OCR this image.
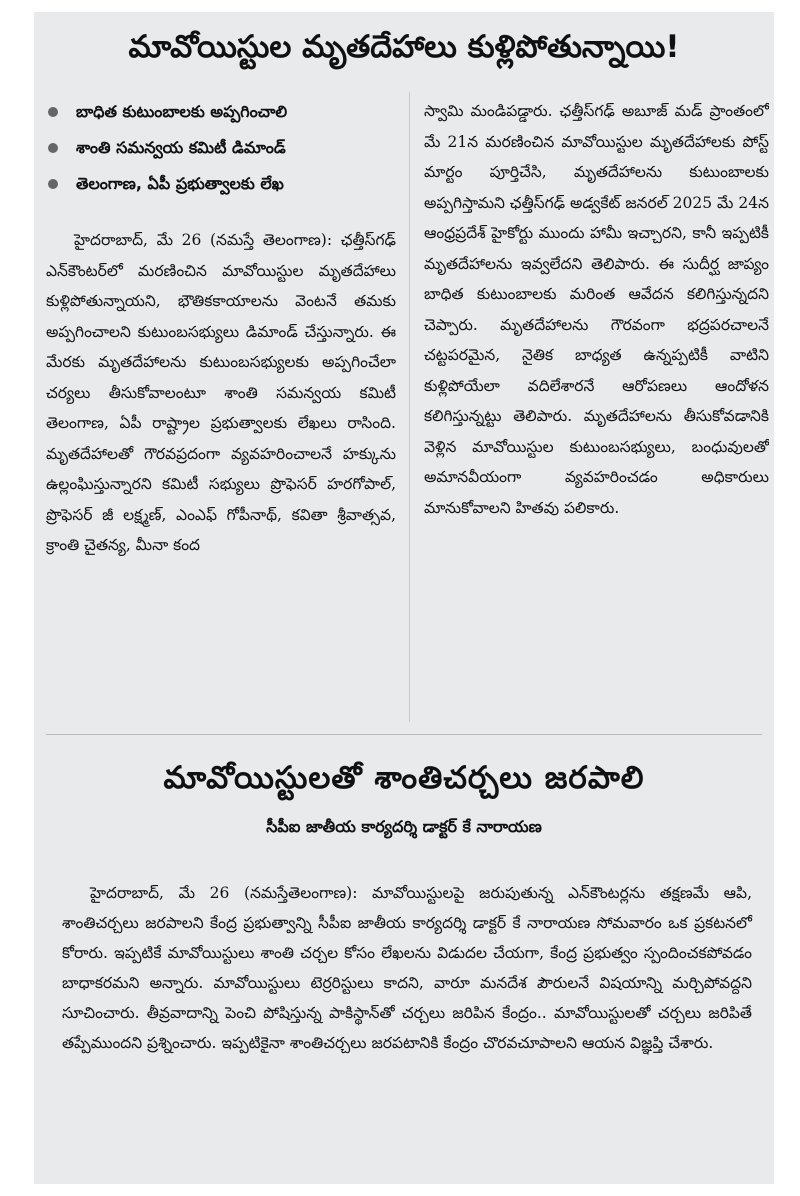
మావోయిస్టుల మృతదేహాలు కుళ్లిపోతున్నాయి!
బాధిత కుటుంబాలకు అప్పగించాలి
శాంతి సమన్వయ కమిటీ డిమాండ్
తెలంగాణ, ఏపీ ప్రభుత్వాలకు లేఖ
హైదరాబాద్, మే 26 (నమస్తే తెలంగాణ): ఛత్తీస్‌గఢ్ ఎన్‌కౌంటర్‌లో మరణించిన మావోయిస్టుల మృతదేహాలు కుళ్లిపోతున్నాయని, భౌతికకాయాలను వెంటనే తమకు అప్పగించాలని కుటుంబసభ్యులు డిమాండ్ చేస్తున్నారు. ఈ మేరకు మృతదేహాలను కుటుంబసభ్యులకు అప్పగించేలా చర్యలు తీసుకోవాలంటూ శాంతి సమన్వయ కమిటీ తెలంగాణ, ఏపీ రాష్ట్రాల ప్రభుత్వాలకు లేఖలు రాసింది. మృతదేహాలతో గౌరవప్రదంగా వ్యవహరించాలనే హక్కును ఉల్లంఘిస్తున్నారని కమిటీ సభ్యులు ప్రొఫెసర్ హరగోపాల్, ప్రొఫెసర్ జీ లక్ష్మణ్, ఎంఎఫ్ గోపీనాథ్, కవితా శ్రీవాత్సవ, క్రాంతి చైతన్య, మీనా కంద
స్వామి మండిపడ్డారు. ఛత్తీస్‌గఢ్ అబూజ్ మడ్ ప్రాంతంలో మే 21న మరణించిన మావోయిస్టుల మృతదేహాలకు పోస్ట్ మార్టం పూర్తిచేసి, మృతదేహాలను కుటుంబాలకు అప్పగిస్తామని ఛత్తీస్‌గఢ్ అడ్వకేట్ జనరల్ 2025 మే 24న ఆంధ్రప్రదేశ్ హైకోర్టు ముందు హామీ ఇచ్చారని, కానీ ఇప్పటికీ మృతదేహాలను ఇవ్వలేదని తెలిపారు. ఈ సుదీర్ఘ జాప్యం బాధిత కుటుంబాలకు మరింత ఆవేదన కలిగిస్తున్నదని చెప్పారు. మృతదేహాలను గౌరవంగా భద్రపరచాలనే చట్టపరమైన, నైతిక బాధ్యత ఉన్నప్పటికీ వాటిని కుళ్లిపోయేలా వదిలేశారనే ఆరోపణలు ఆందోళన కలిగిస్తున్నట్టు తెలిపారు. మృతదేహాలను తీసుకోవడానికి వెళ్లిన మావోయిస్టుల కుటుంబసభ్యులు, బంధువులతో అమానవీయంగా వ్యవహరించడం అధికారులు మానుకోవాలని హితవు పలికారు.
మావోయిస్టులతో శాంతిచర్చలు జరపాలి
సీపీఐ జాతీయ కార్యదర్శి డాక్టర్ కే నారాయణ
హైదరాబాద్, మే 26 (నమస్తేతెలంగాణ): మావోయిస్టులపై జరుపుతున్న ఎన్‌కౌంటర్లను తక్షణమే ఆపి, శాంతిచర్చలు జరపాలని కేంద్ర ప్రభుత్వాన్ని సీపీఐ జాతీయ కార్యదర్శి డాక్టర్ కే నారాయణ సోమవారం ఒక ప్రకటనలో కోరారు. ఇప్పటికే మావోయిస్టులు శాంతి చర్చల కోసం లేఖలను విడుదల చేయగా, కేంద్ర ప్రభుత్వం స్పందించకపోవడం బాధాకరమని అన్నారు. మావోయిస్టులు టెర్రరిస్టులు కాదని, వారూ మనదేశ పౌరులనే విషయాన్ని మర్చిపోవద్దని సూచించారు. తీవ్రవాదాన్ని పెంచి పోషిస్తున్న పాకిస్థాన్‌తో చర్చలు జరిపిన కేంద్రం.. మావోయిస్టులతో చర్చలు జరిపితే తప్పేముందని ప్రశ్నించారు. ఇప్పటికైనా శాంతిచర్చలు జరపటానికి కేంద్రం చొరవచూపాలని ఆయన విజ్ఞప్తి చేశారు.
